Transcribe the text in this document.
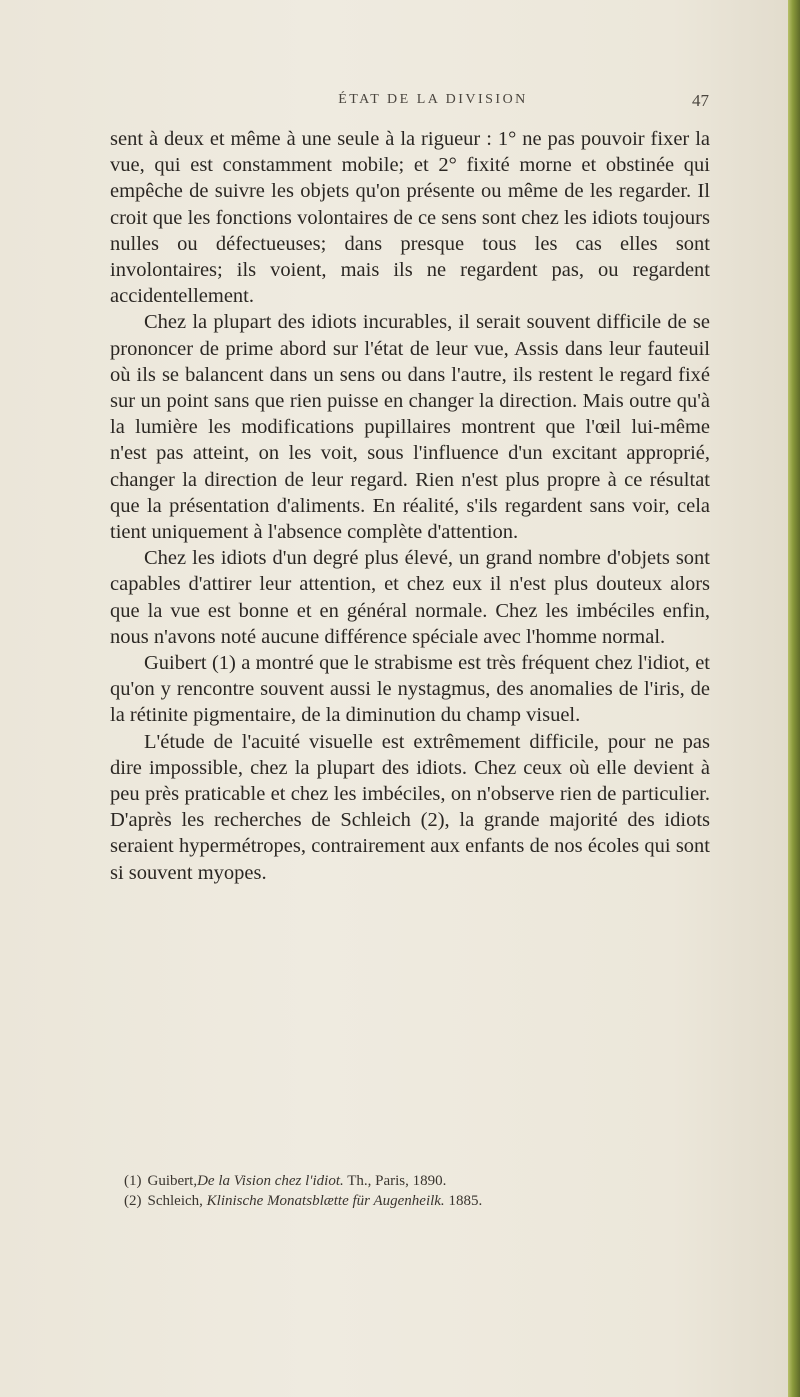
ÉTAT DE LA DIVISION	47

sent à deux et même à une seule à la rigueur : 1° ne pas pouvoir fixer la vue, qui est constamment mobile; et 2° fixité morne et obstinée qui empêche de suivre les objets qu'on présente ou même de les regarder. Il croit que les fonctions volontaires de ce sens sont chez les idiots toujours nulles ou défectueuses; dans presque tous les cas elles sont involontaires; ils voient, mais ils ne regardent pas, ou regardent accidentellement.

Chez la plupart des idiots incurables, il serait souvent difficile de se prononcer de prime abord sur l'état de leur vue, Assis dans leur fauteuil où ils se balancent dans un sens ou dans l'autre, ils restent le regard fixé sur un point sans que rien puisse en changer la direction. Mais outre qu'à la lumière les modifications pupillaires montrent que l'œil lui-même n'est pas atteint, on les voit, sous l'influence d'un excitant approprié, changer la direction de leur regard. Rien n'est plus propre à ce résultat que la présentation d'aliments. En réalité, s'ils regardent sans voir, cela tient uniquement à l'absence complète d'attention.

Chez les idiots d'un degré plus élevé, un grand nombre d'objets sont capables d'attirer leur attention, et chez eux il n'est plus douteux alors que la vue est bonne et en général normale. Chez les imbéciles enfin, nous n'avons noté aucune différence spéciale avec l'homme normal.

Guibert (1) a montré que le strabisme est très fréquent chez l'idiot, et qu'on y rencontre souvent aussi le nystagmus, des anomalies de l'iris, de la rétinite pigmentaire, de la diminution du champ visuel.

L'étude de l'acuité visuelle est extrêmement difficile, pour ne pas dire impossible, chez la plupart des idiots. Chez ceux où elle devient à peu près praticable et chez les imbéciles, on n'observe rien de particulier. D'après les recherches de Schleich (2), la grande majorité des idiots seraient hypermétropes, contrairement aux enfants de nos écoles qui sont si souvent myopes.

(1) Guibert,De la Vision chez l'idiot. Th., Paris, 1890.

(2) Schleich, Klinische Monatsblætte für Augenheilk. 1885.
